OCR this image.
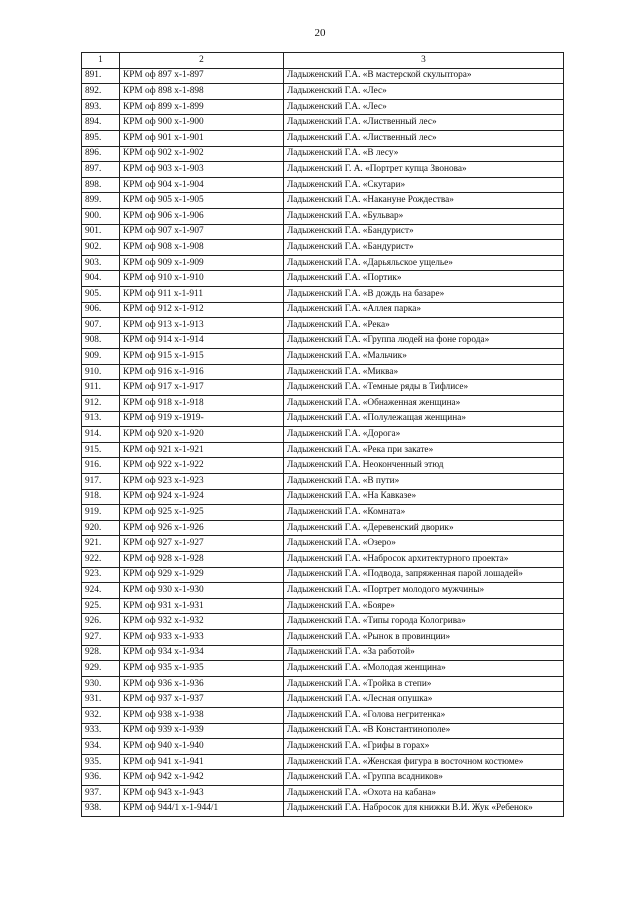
20
1	2	3
891.	КРМ оф 897 х-1-897	Ладыженский Г.А. «В мастерской скульптора»
892.	КРМ оф 898 х-1-898	Ладыженский Г.А. «Лес»
893.	КРМ оф 899 х-1-899	Ладыженский Г.А. «Лес»
894.	КРМ оф 900 х-1-900	Ладыженский Г.А. «Лиственный лес»
895.	КРМ оф 901 х-1-901	Ладыженский Г.А. «Лиственный лес»
896.	КРМ оф 902 х-1-902	Ладыженский Г.А. «В лесу»
897.	КРМ оф 903 х-1-903	Ладыженский Г. А. «Портрет купца Звонова»
898.	КРМ оф 904 х-1-904	Ладыженский Г.А. «Скутари»
899.	КРМ оф 905 х-1-905	Ладыженский Г.А. «Накануне Рождества»
900.	КРМ оф 906 х-1-906	Ладыженский Г.А. «Бульвар»
901.	КРМ оф 907 х-1-907	Ладыженский Г.А. «Бандурист»
902.	КРМ оф 908 х-1-908	Ладыженский Г.А. «Бандурист»
903.	КРМ оф 909 х-1-909	Ладыженский Г.А. «Дарьяльское ущелье»
904.	КРМ оф 910 х-1-910	Ладыженский Г.А. «Портик»
905.	КРМ оф 911 х-1-911	Ладыженский Г.А. «В дождь на базаре»
906.	КРМ оф 912 х-1-912	Ладыженский Г.А. «Аллея парка»
907.	КРМ оф 913 х-1-913	Ладыженский Г.А. «Река»
908.	КРМ оф 914 х-1-914	Ладыженский Г.А. «Группа людей на фоне города»
909.	КРМ оф 915 х-1-915	Ладыженский Г.А. «Мальчик»
910.	КРМ оф 916 х-1-916	Ладыженский Г.А. «Миква»
911.	КРМ оф 917 х-1-917	Ладыженский Г.А. «Темные ряды в Тифлисе»
912.	КРМ оф 918 х-1-918	Ладыженский Г.А. «Обнаженная женщина»
913.	КРМ оф 919 х-1919-	Ладыженский Г.А. «Полулежащая женщина»
914.	КРМ оф 920 х-1-920	Ладыженский Г.А. «Дорога»
915.	КРМ оф 921 х-1-921	Ладыженский Г.А. «Река при закате»
916.	КРМ оф 922 х-1-922	Ладыженский Г.А. Неоконченный этюд
917.	КРМ оф 923 х-1-923	Ладыженский Г.А. «В пути»
918.	КРМ оф 924 х-1-924	Ладыженский Г.А. «На Кавказе»
919.	КРМ оф 925 х-1-925	Ладыженский Г.А. «Комната»
920.	КРМ оф 926 х-1-926	Ладыженский Г.А. «Деревенский дворик»
921.	КРМ оф 927 х-1-927	Ладыженский Г.А. «Озеро»
922.	КРМ оф 928 х-1-928	Ладыженский Г.А. «Набросок архитектурного проекта»
923.	КРМ оф 929 х-1-929	Ладыженский Г.А. «Подвода, запряженная парой лошадей»
924.	КРМ оф 930 х-1-930	Ладыженский Г.А. «Портрет молодого мужчины»
925.	КРМ оф 931 х-1-931	Ладыженский Г.А. «Бояре»
926.	КРМ оф 932 х-1-932	Ладыженский Г.А. «Типы города Кологрива»
927.	КРМ оф 933 х-1-933	Ладыженский Г.А. «Рынок в провинции»
928.	КРМ оф 934 х-1-934	Ладыженский Г.А. «За работой»
929.	КРМ оф 935 х-1-935	Ладыженский Г.А. «Молодая женщина»
930.	КРМ оф 936 х-1-936	Ладыженский Г.А. «Тройка в степи»
931.	КРМ оф 937 х-1-937	Ладыженский Г.А. «Лесная опушка»
932.	КРМ оф 938 х-1-938	Ладыженский Г.А. «Голова негритенка»
933.	КРМ оф 939 х-1-939	Ладыженский Г.А. «В Константинополе»
934.	КРМ оф 940 х-1-940	Ладыженский Г.А. «Грифы в горах»
935.	КРМ оф 941 х-1-941	Ладыженский Г.А. «Женская фигура в восточном костюме»
936.	КРМ оф 942 х-1-942	Ладыженский Г.А. «Группа всадников»
937.	КРМ оф 943 х-1-943	Ладыженский Г.А. «Охота на кабана»
938.	КРМ оф 944/1 х-1-944/1	Ладыженский Г.А. Набросок для книжки В.И. Жук «Ребенок»
